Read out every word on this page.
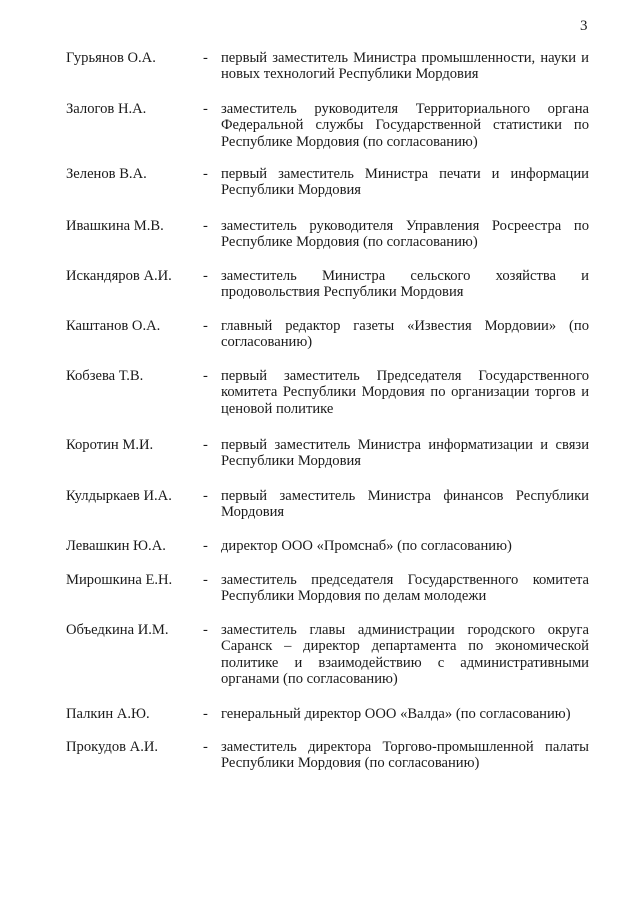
3
Гурьянов О.А.	- первый заместитель Министра промышленности, науки и новых технологий Республики Мордовия
Залогов Н.А.	- заместитель руководителя Территориального органа Федеральной службы Государственной статистики по Республике Мордовия (по согласованию)
Зеленов В.А.	- первый заместитель Министра печати и информации Республики Мордовия
Ивашкина М.В.	- заместитель руководителя Управления Росреестра по Республике Мордовия (по согласованию)
Искандяров А.И. - заместитель Министра сельского хозяйства и продовольствия Республики Мордовия
Каштанов О.А.	- главный редактор газеты «Известия Мордовии» (по согласованию)
Кобзева Т.В.	- первый заместитель Председателя Государственного комитета Республики Мордовия по организации торгов и ценовой политике
Коротин М.И.	- первый заместитель Министра информатизации и связи Республики Мордовия
Кулдыркаев И.А. - первый заместитель Министра финансов Республики Мордовия
Левашкин Ю.А.	- директор ООО «Промснаб» (по согласованию)
Мирошкина Е.Н. - заместитель председателя Государственного комитета Республики Мордовия по делам молодежи
Объедкина И.М. - заместитель главы администрации городского округа Саранск – директор департамента по экономической политике и взаимодействию с административными органами (по согласованию)
Палкин А.Ю.	- генеральный директор ООО «Валда» (по согласованию)
Прокудов А.И.	- заместитель директора Торгово-промышленной палаты Республики Мордовия (по согласованию)
